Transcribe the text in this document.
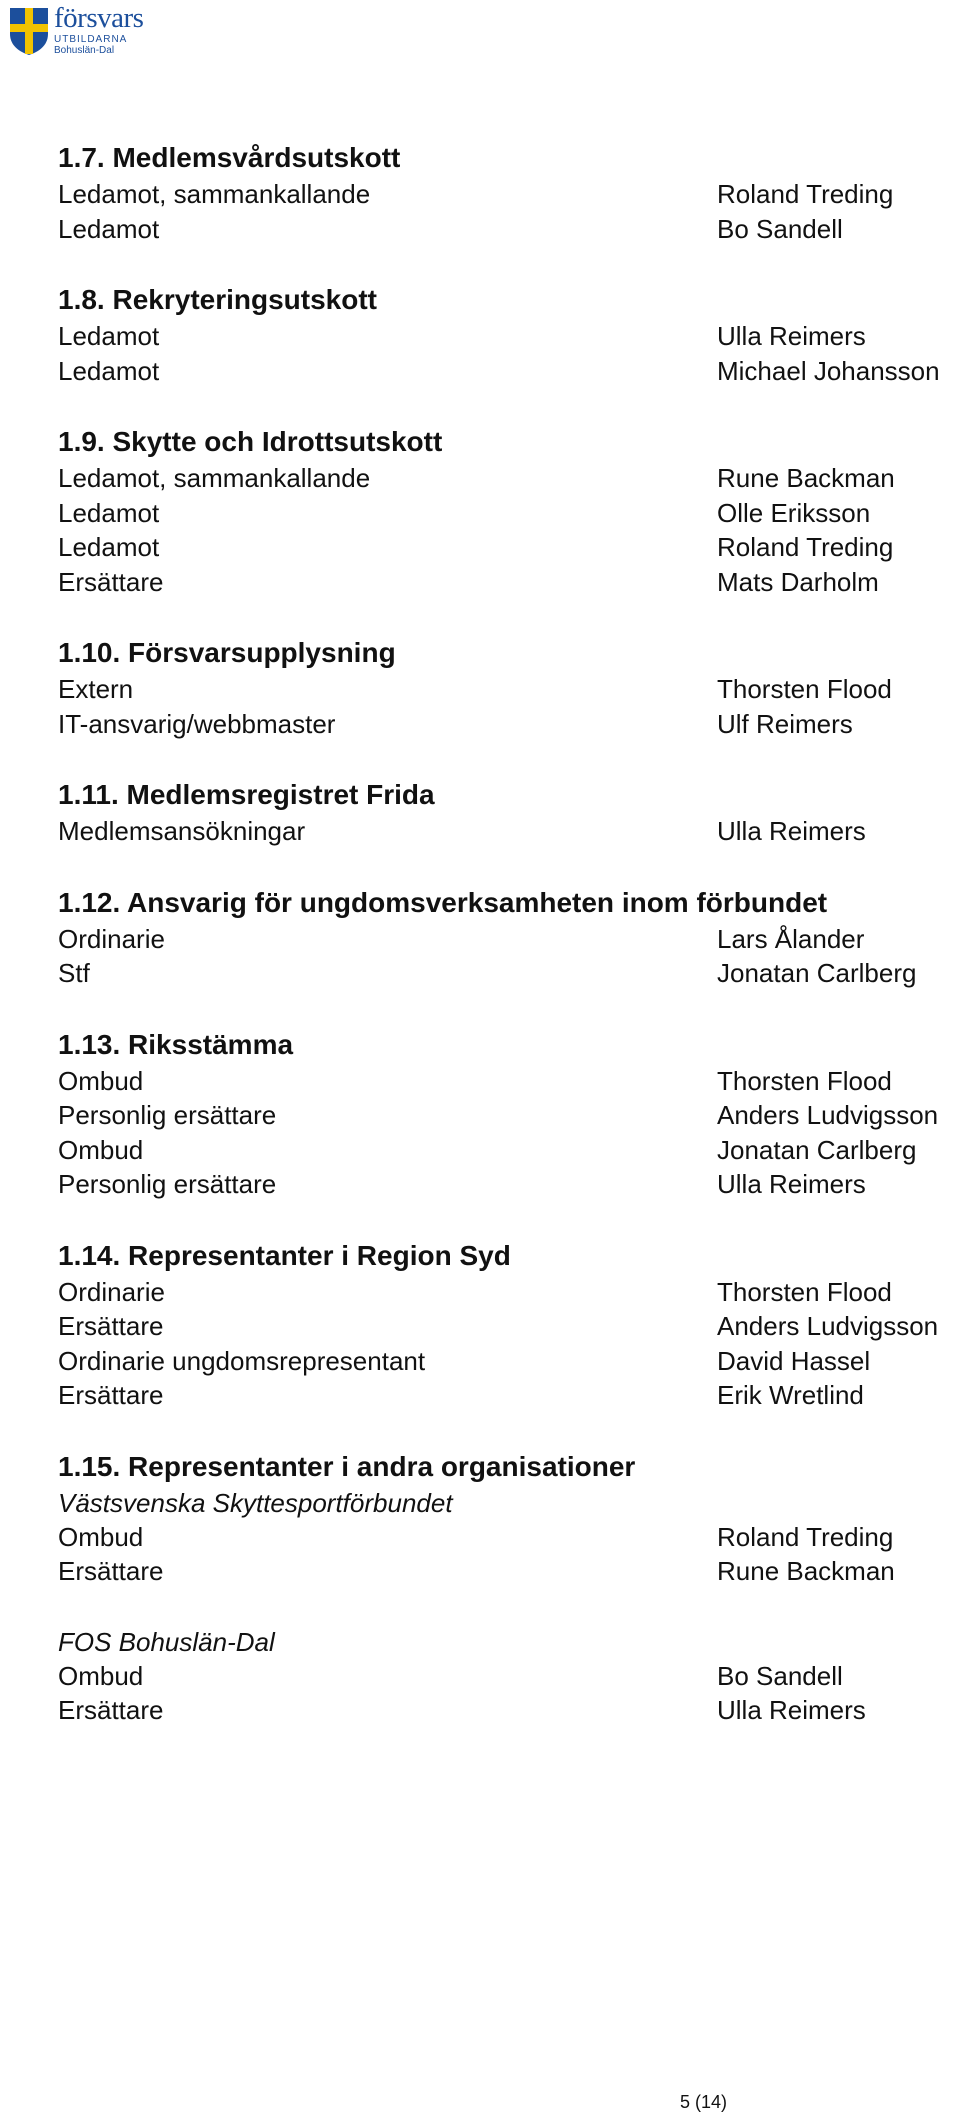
försvars
UTBILDARNA
Bohuslän-Dal
1.7. Medlemsvårdsutskott
Ledamot, sammankallande	Roland Treding
Ledamot	Bo Sandell
1.8. Rekryteringsutskott
Ledamot	Ulla Reimers
Ledamot	Michael Johansson
1.9. Skytte och Idrottsutskott
Ledamot, sammankallande	Rune Backman
Ledamot	Olle Eriksson
Ledamot	Roland Treding
Ersättare	Mats Darholm
1.10. Försvarsupplysning
Extern	Thorsten Flood
IT-ansvarig/webbmaster	Ulf Reimers
1.11. Medlemsregistret Frida
Medlemsansökningar	Ulla Reimers
1.12. Ansvarig för ungdomsverksamheten inom förbundet
Ordinarie	Lars Ålander
Stf	Jonatan Carlberg
1.13. Riksstämma
Ombud	Thorsten Flood
Personlig ersättare	Anders Ludvigsson
Ombud	Jonatan Carlberg
Personlig ersättare	Ulla Reimers
1.14. Representanter i Region Syd
Ordinarie	Thorsten Flood
Ersättare	Anders Ludvigsson
Ordinarie ungdomsrepresentant	David Hassel
Ersättare	Erik Wretlind
1.15. Representanter i andra organisationer
Västsvenska Skyttesportförbundet
Ombud	Roland Treding
Ersättare	Rune Backman
FOS Bohuslän-Dal
Ombud	Bo Sandell
Ersättare	Ulla Reimers
5 (14)
